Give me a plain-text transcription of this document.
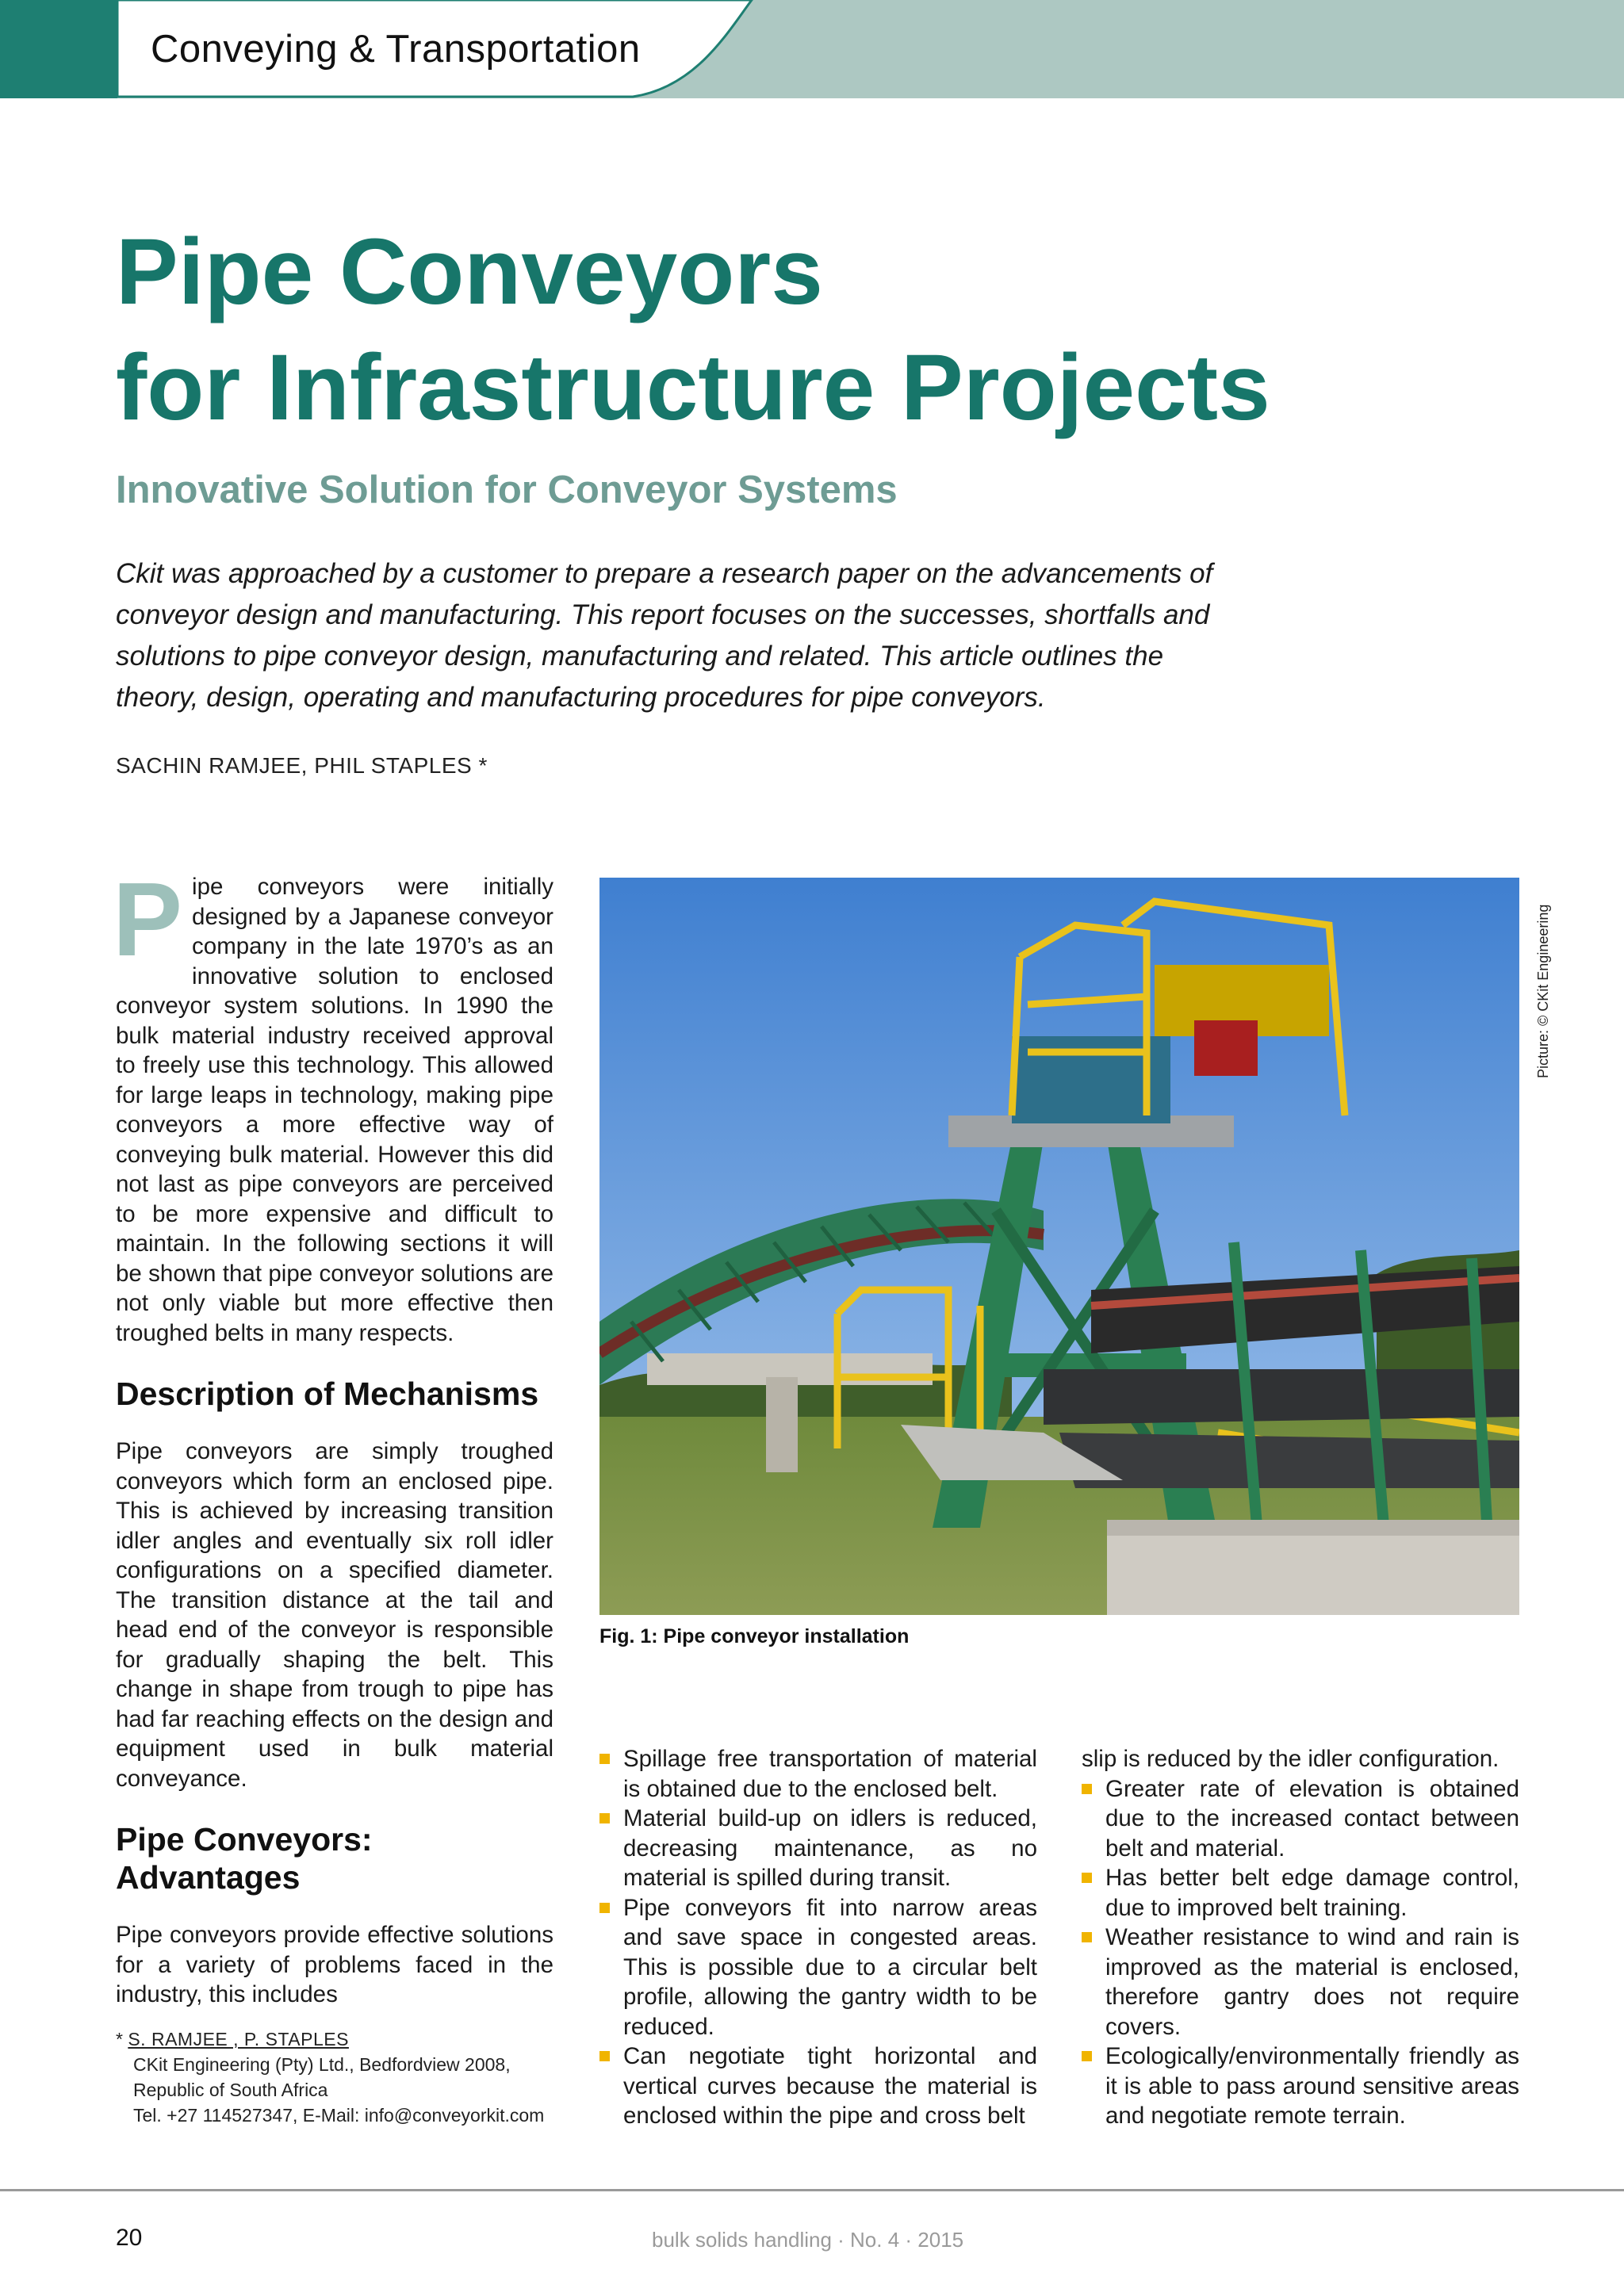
Conveying & Transportation
Pipe Conveyors
for Infrastructure Projects
Innovative Solution for Conveyor Systems

Ckit was approached by a customer to prepare a research paper on the advancements of conveyor design and manufacturing. This report focuses on the successes, shortfalls and solutions to pipe conveyor design, manufacturing and related. This article outlines the theory, design, operating and manufacturing procedures for pipe conveyors.

SACHIN RAMJEE, PHIL STAPLES *

Pipe conveyors were initially designed by a Japanese conveyor company in the late 1970’s as an innovative solution to enclosed conveyor system solutions. In 1990 the bulk material industry received approval to freely use this technology. This allowed for large leaps in technology, making pipe conveyors a more effective way of conveying bulk material. However this did not last as pipe conveyors are perceived to be more expensive and difficult to maintain. In the following sections it will be shown that pipe conveyor solutions are not only viable but more effective then troughed belts in many respects.

Description of Mechanisms

Pipe conveyors are simply troughed conveyors which form an enclosed pipe. This is achieved by increasing transition idler angles and eventually six roll idler configurations on a specified diameter. The transition distance at the tail and head end of the conveyor is responsible for gradually shaping the belt. This change in shape from trough to pipe has had far reaching effects on the design and equipment used in bulk material conveyance.

Pipe Conveyors: Advantages

Pipe conveyors provide effective solutions for a variety of problems faced in the industry, this includes

Fig. 1: Pipe conveyor installation
Picture: © CKit Engineering
Spillage free transportation of material is obtained due to the enclosed belt.
Material build-up on idlers is reduced, decreasing maintenance, as no material is spilled during transit.
Pipe conveyors fit into narrow areas and save space in congested areas. This is possible due to a circular belt profile, allowing the gantry width to be reduced.
Can negotiate tight horizontal and vertical curves because the material is enclosed within the pipe and cross belt
slip is reduced by the idler configuration.
Greater rate of elevation is obtained due to the increased contact between belt and material.
Has better belt edge damage control, due to improved belt training.
Weather resistance to wind and rain is improved as the material is enclosed, therefore gantry does not require covers.
Ecologically/environmentally friendly as it is able to pass around sensitive areas and negotiate remote terrain.
* S. RAMJEE , P. STAPLES
CKit Engineering (Pty) Ltd., Bedfordview 2008,
Republic of South Africa
Tel. +27 114527347, E-Mail: info@conveyorkit.com
20	bulk solids handling · No. 4 · 2015
